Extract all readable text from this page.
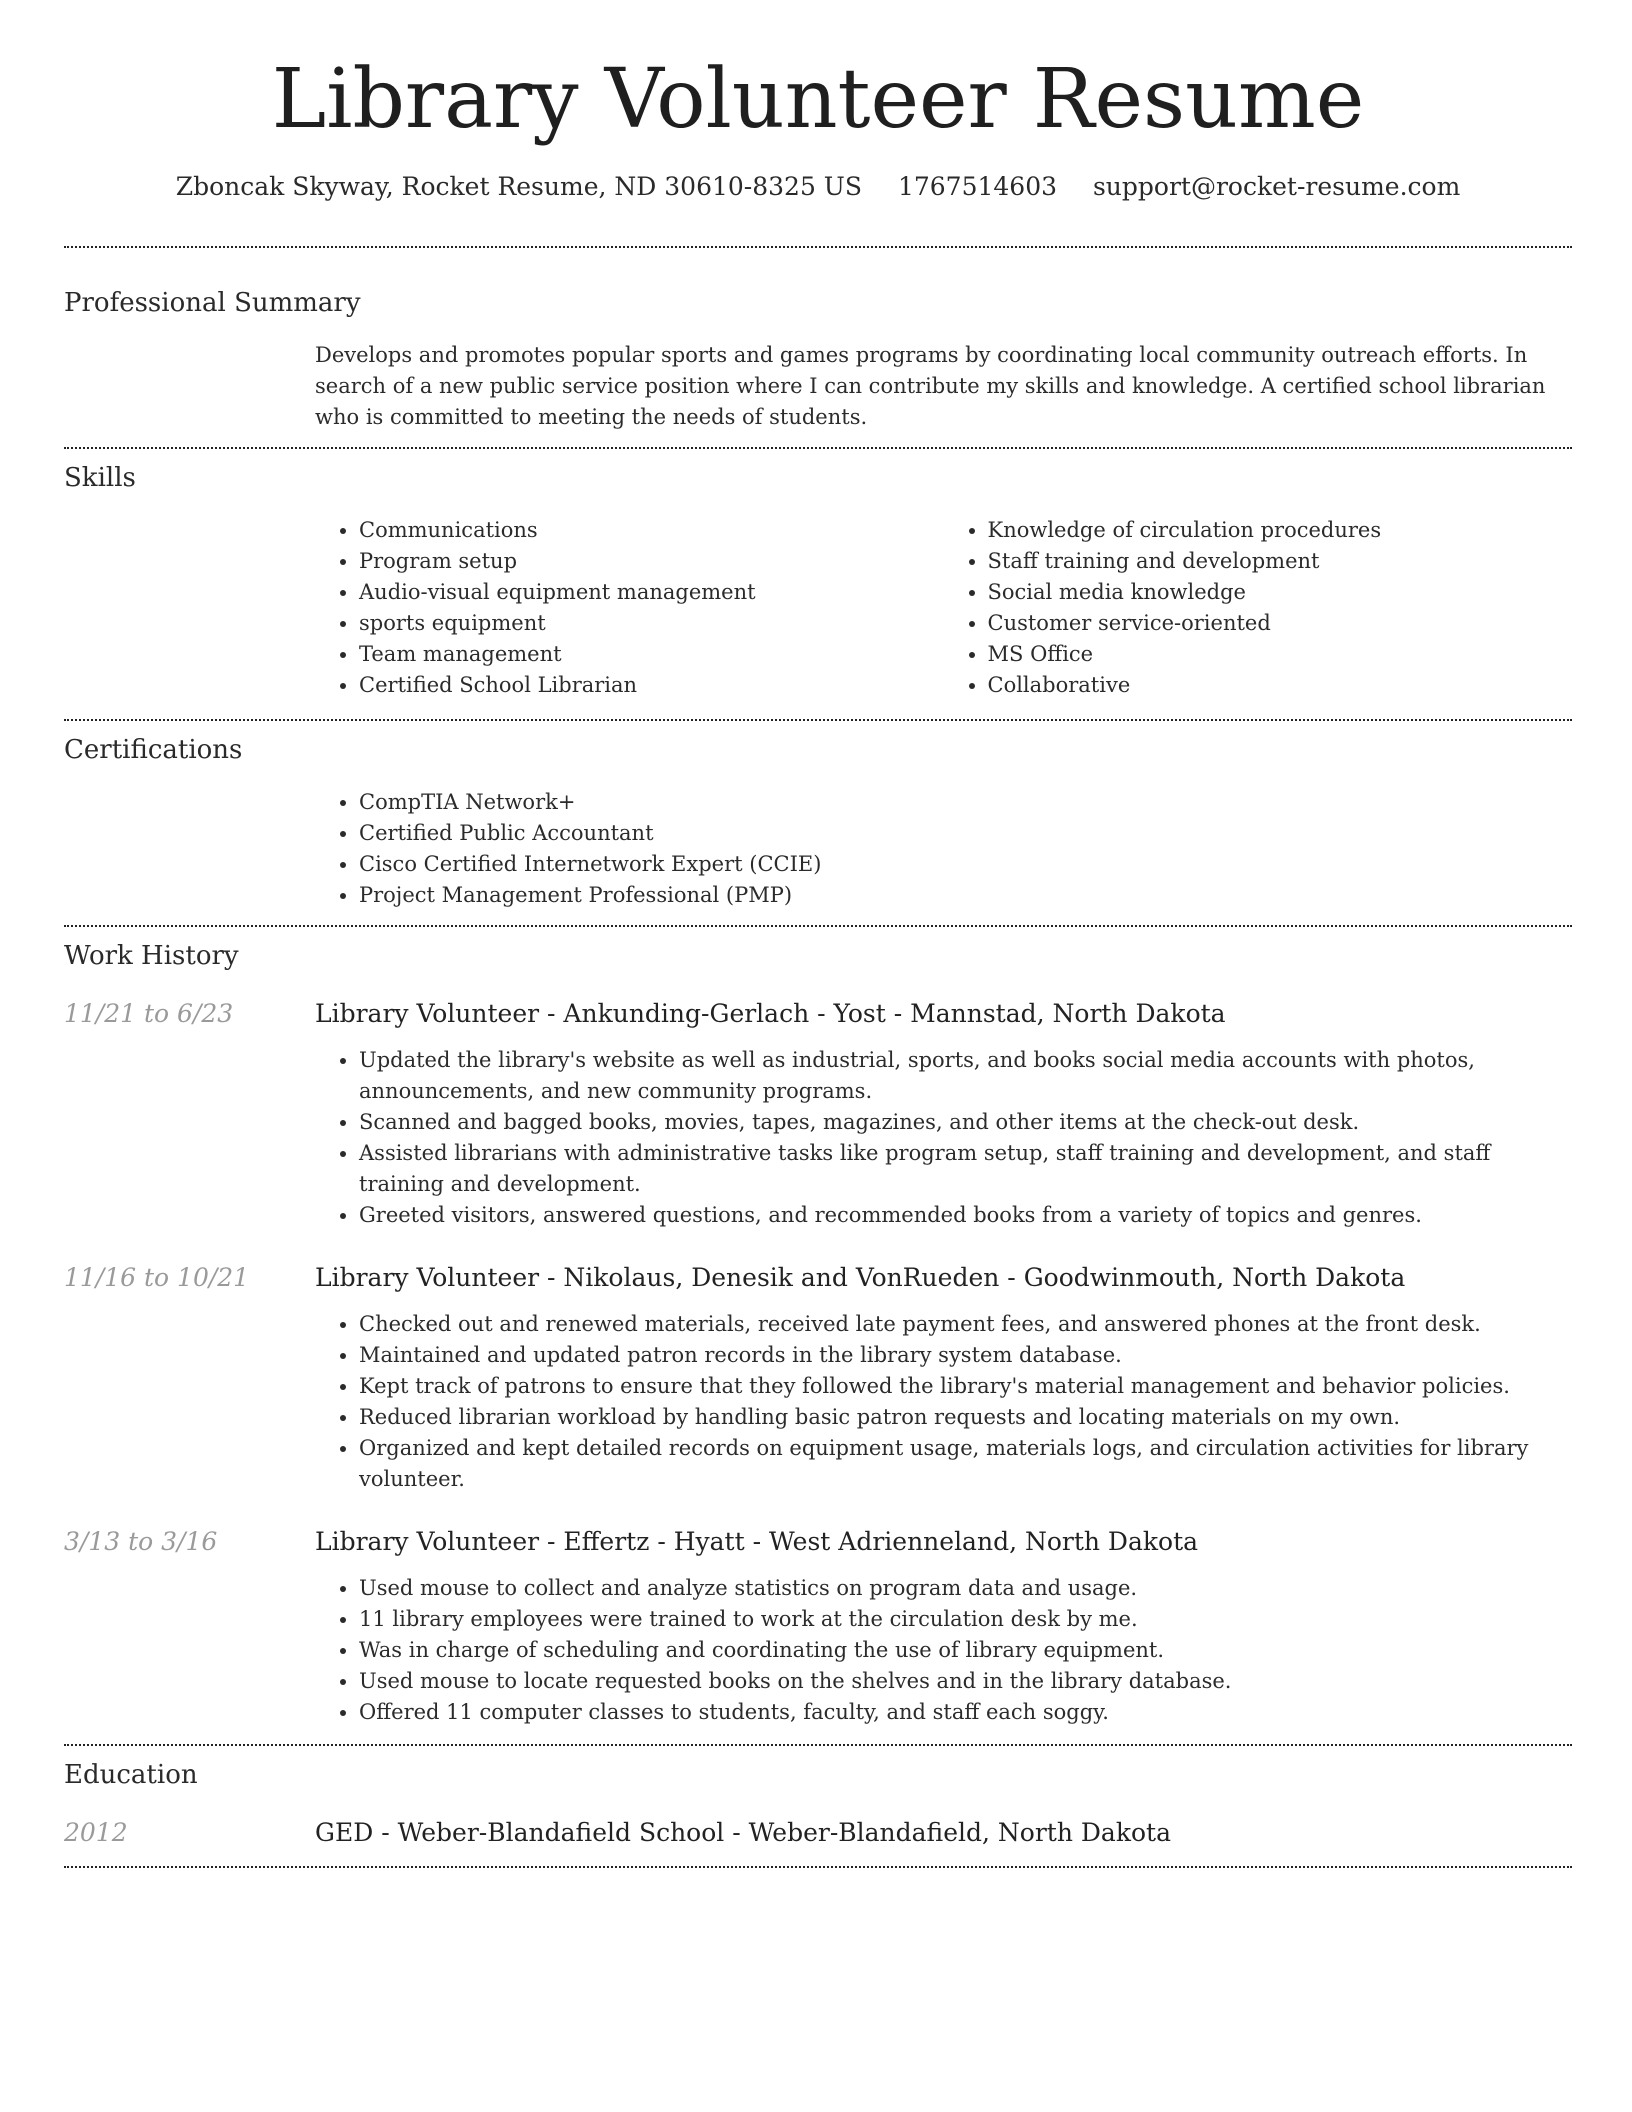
Library Volunteer Resume
Zboncak Skyway, Rocket Resume, ND 30610-8325 US 1767514603 support@rocket-resume.com
Professional Summary
Develops and promotes popular sports and games programs by coordinating local community outreach efforts. In search of a new public service position where I can contribute my skills and knowledge. A certified school librarian who is committed to meeting the needs of students.
Skills
• Communications
• Program setup
• Audio-visual equipment management
• sports equipment
• Team management
• Certified School Librarian
• Knowledge of circulation procedures
• Staff training and development
• Social media knowledge
• Customer service-oriented
• MS Office
• Collaborative
Certifications
• CompTIA Network+
• Certified Public Accountant
• Cisco Certified Internetwork Expert (CCIE)
• Project Management Professional (PMP)
Work History
11/21 to 6/23	Library Volunteer - Ankunding-Gerlach - Yost - Mannstad, North Dakota
• Updated the library's website as well as industrial, sports, and books social media accounts with photos, announcements, and new community programs.
• Scanned and bagged books, movies, tapes, magazines, and other items at the check-out desk.
• Assisted librarians with administrative tasks like program setup, staff training and development, and staff training and development.
• Greeted visitors, answered questions, and recommended books from a variety of topics and genres.
11/16 to 10/21	Library Volunteer - Nikolaus, Denesik and VonRueden - Goodwinmouth, North Dakota
• Checked out and renewed materials, received late payment fees, and answered phones at the front desk.
• Maintained and updated patron records in the library system database.
• Kept track of patrons to ensure that they followed the library's material management and behavior policies.
• Reduced librarian workload by handling basic patron requests and locating materials on my own.
• Organized and kept detailed records on equipment usage, materials logs, and circulation activities for library volunteer.
3/13 to 3/16	Library Volunteer - Effertz - Hyatt - West Adrienneland, North Dakota
• Used mouse to collect and analyze statistics on program data and usage.
• 11 library employees were trained to work at the circulation desk by me.
• Was in charge of scheduling and coordinating the use of library equipment.
• Used mouse to locate requested books on the shelves and in the library database.
• Offered 11 computer classes to students, faculty, and staff each soggy.
Education
2012	GED - Weber-Blandafield School - Weber-Blandafield, North Dakota
